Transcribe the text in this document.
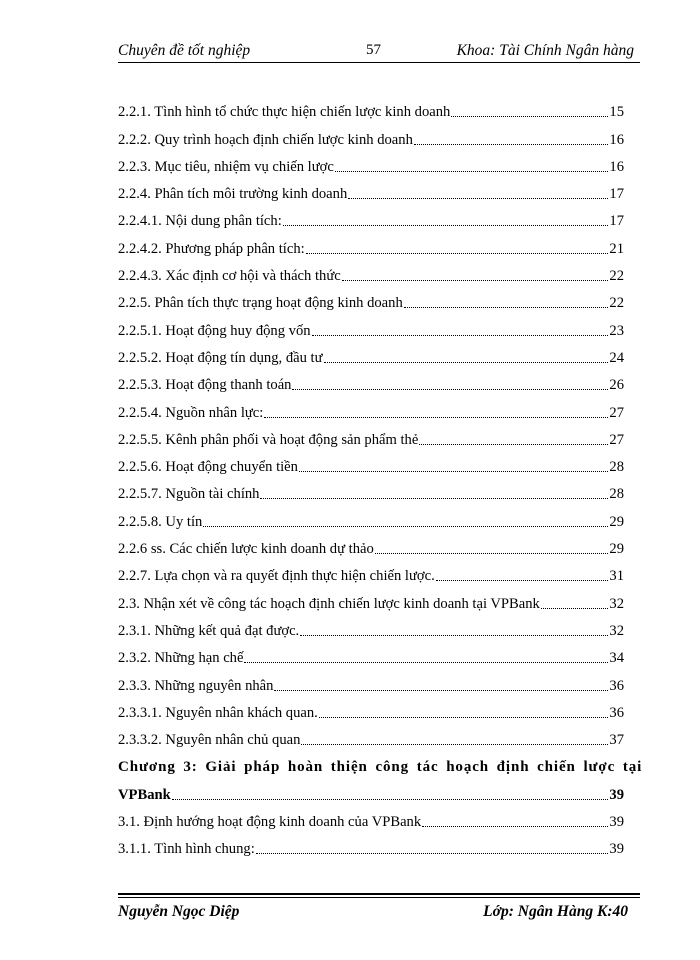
Chuyên đề tốt nghiệp	57	Khoa: Tài Chính Ngân hàng
2.2.1. Tình hình tổ chức thực hiện chiến lược kinh doanh	15
2.2.2. Quy trình hoạch định chiến lược kinh doanh	16
2.2.3. Mục tiêu, nhiệm vụ chiến lược	16
2.2.4. Phân tích môi trường kinh doanh	17
2.2.4.1. Nội dung phân tích:	17
2.2.4.2. Phương pháp phân tích:	21
2.2.4.3. Xác định cơ hội và thách thức	22
2.2.5. Phân tích thực trạng hoạt động kinh doanh	22
2.2.5.1. Hoạt động huy động vốn	23
2.2.5.2. Hoạt động tín dụng, đầu tư	24
2.2.5.3. Hoạt động thanh toán	26
2.2.5.4. Nguồn nhân lực:	27
2.2.5.5. Kênh phân phối và hoạt động sản phẩm thẻ	27
2.2.5.6. Hoạt động chuyển tiền	28
2.2.5.7. Nguồn tài chính	28
2.2.5.8. Uy tín	29
2.2.6 ss. Các chiến lược kinh doanh dự thảo	29
2.2.7. Lựa chọn và ra quyết định thực hiện chiến lược.	31
2.3. Nhận xét về công tác hoạch định chiến lược kinh doanh tại VPBank	32
2.3.1. Những kết quả đạt được.	32
2.3.2. Những hạn chế	34
2.3.3. Những nguyên nhân	36
2.3.3.1. Nguyên nhân khách quan.	36
2.3.3.2. Nguyên nhân chủ quan	37
Chương 3: Giải pháp hoàn thiện công tác hoạch định chiến lược tại
VPBank	39
3.1. Định hướng hoạt động kinh doanh của VPBank	39
3.1.1. Tình hình chung:	39
Nguyễn Ngọc Diệp	Lớp: Ngân Hàng K:40
